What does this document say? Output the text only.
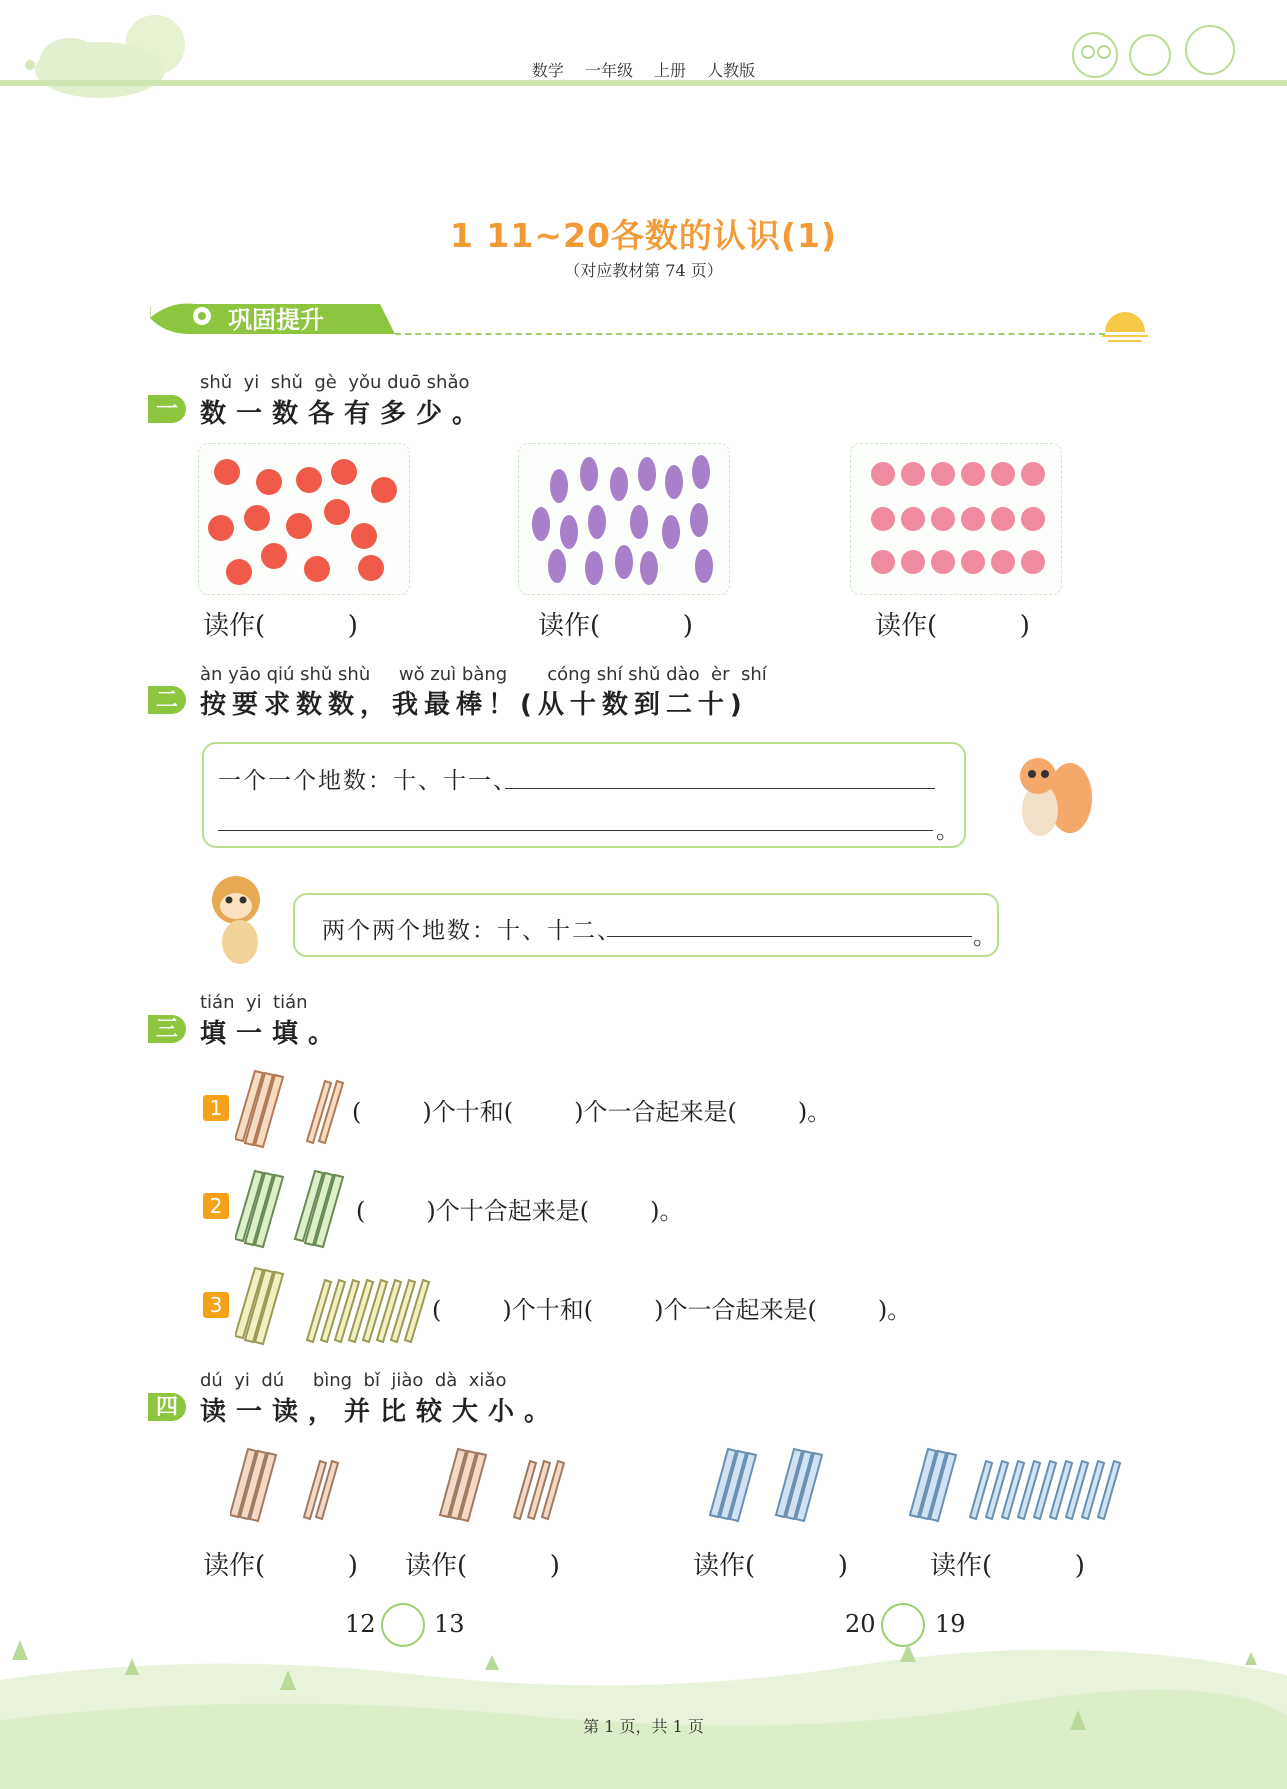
数学 一年级 上册 人教版
1 11~20各数的认识(1)
（对应教材第 74 页）
巩固提升
shǔ  yi  shǔ  gè  yǒu duō shǎo
一 数一数各有多少。
读作(          )	读作(          )	读作(          )
àn yāo qiú shǔ shù     wǒ zuì bàng       cóng shí shǔ dào  èr  shí
二 按要求数数，我最棒！(从十数到二十)
一个一个地数：十、十一、
。
两个两个地数：十、十二、	。
tián  yi  tián
三 填一填。
1	(        )个十和(        )个一合起来是(        )。
2	(        )个十合起来是(        )。
3	(        )个十和(        )个一合起来是(        )。
dú  yi  dú     bìng  bǐ  jiào  dà  xiǎo
四 读一读，并比较大小。
读作(          ) 读作(          )	读作(          )	读作(          )
12 13	20 19
第 1 页，共 1 页
